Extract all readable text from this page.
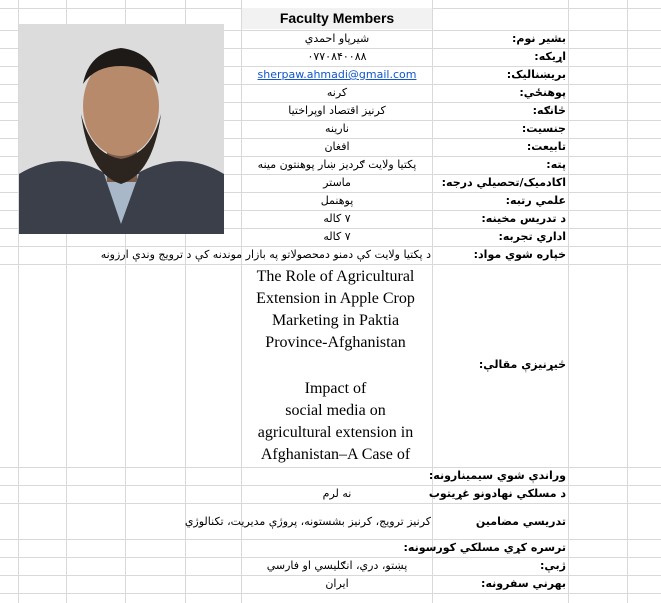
Faculty Members
بشیر نوم:
اړیکه:
بریښنالیک:
پوهنځي:
څانګه:
جنسیت:
تابیعت:
پته:
اکادمیک/تحصیلي درجه:
علمي رتبه:
د تدریس مخینه:
اداري تجربه:
خپاره شوي مواد:
څیړنیزې مقالې:
وراندې شوي سيمينارونه:
د مسلکي نهادونو غړیتوب
تدریسي مضامین
ترسره کړي مسلکي کورسونه:
ژبې:
بهرني سفرونه:
شیرپاو احمدي
۰۷۷۰۸۴۰۰۸۸
sherpaw.ahmadi@gmail.com
کرنه
کرنیز اقتصاد اوپراختیا
نارینه
افغان
پکتیا ولایت ګردیز ښار پوهنتون مینه
ماستر
پوهنمل
۷ کاله
۷ کاله
د پکتیا ولایت کې دمنو دمحصولاتو په بازار موندنه کې د ترویج وندې ارزونه
The Role of Agricultural
Extension in Apple Crop
Marketing in Paktia
Province-Afghanistan
Impact of
social media on
agricultural extension in
Afghanistan–A Case of
نه لرم
کرنیز ترویج، کرنیز بشستونه، پروژې مدیریت، تکنالوژي
پښتو، دري، انګلیسي او فارسي
ایران
